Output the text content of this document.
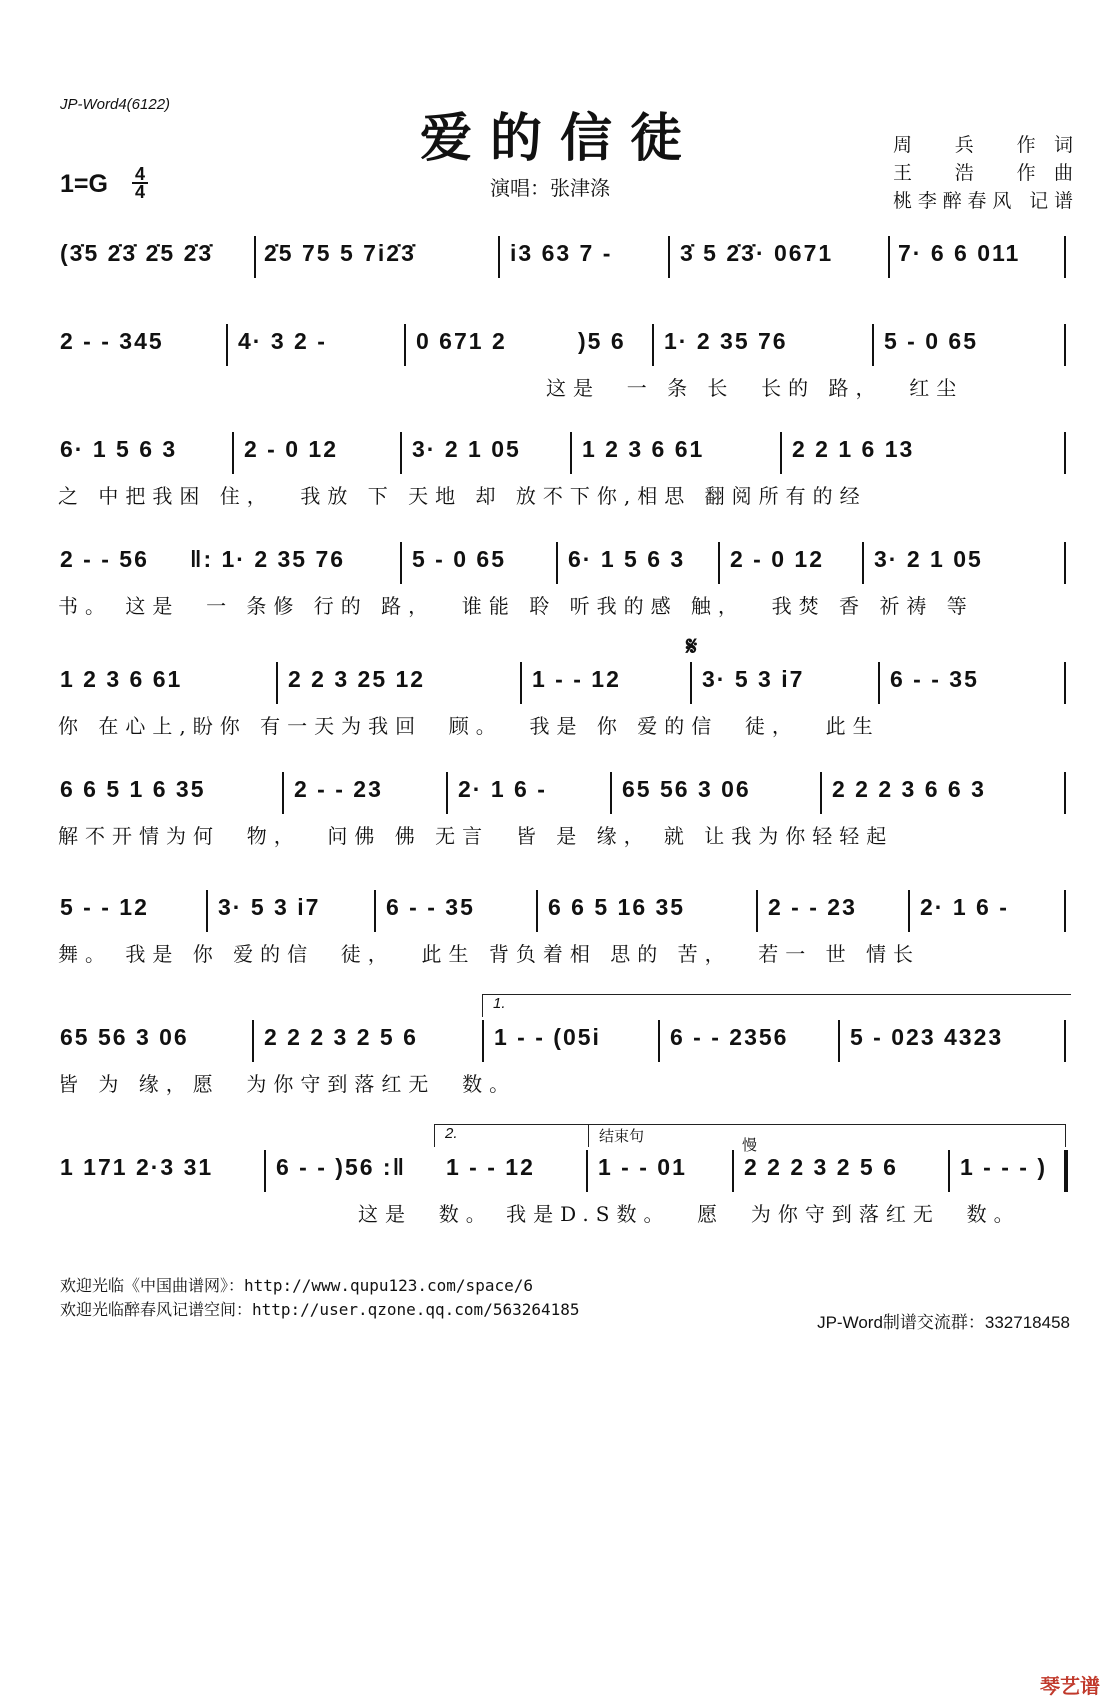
JP-Word4(6122)
爱的信徒	周 兵 作词
王 浩 作曲
桃李醉春风 记谱
1=G 4
4	演唱：张津涤

(3̇5 2̇3̇ 2̇5 2̇3̇

2̇5 75 5 7i2̇3̇

	i3 63 7 -

	3̇ 5 2̇3̇· 0671

	7· 6 6 011

2 - - 345

	4· 3 2 -

	0 671 2

	)5 6

1· 2 35 76

	5 - 0 65

这是  一 条 长  长的 路，  红尘

6· 1 5 6 3

	2 - 0 12

	3· 2 1 05

	1 2 3 6 61

	2 2 1 6 13

之 中把我困 住，  我放 下 天地 却 放不下你,相思 翻阅所有的经

2 - - 56

‖: 1· 2 35 76

	5 - 0 65

	6· 1 5 6 3

2 - 0 12

3· 2 1 05

书。 这是  一 条修 行的 路，  谁能 聆 听我的感 触，  我焚 香 祈祷 等
𝄋

1 2 3 6 61

	2 2 3 25 12

	1 - - 12

	3· 5 3 i7

	6 - - 35

你 在心上,盼你 有一天为我回  顾。  我是 你 爱的信  徒，  此生

6 6 5 1 6 35

	2 - - 23

	2· 1 6 -

	65 56 3 06

	2 2 2 3 6 6 3

解不开情为何  物，  问佛 佛 无言  皆 是 缘， 就 让我为你轻轻起

5 - - 12

	3· 5 3 i7

	6 - - 35

	6 6 5 16 35

	2 - - 23

	2· 1 6 -

舞。 我是 你 爱的信  徒，  此生 背负着相 思的 苦，  若一 世 情长
1.

65 56 3 06

	2 2 2 3 2 5 6

	1 - - (05i

	6 - - 2356

	5 - 023 4323

皆 为 缘，愿  为你守到落红无  数。
2.	结束句	慢

1 171 2·3 31

	6 - - )56 :‖

1 - - 12

	1 - - 01

2 2 2 3 2 5 6

	1 - - - )

这是  数。 我是D.S数。  愿  为你守到落红无  数。
欢迎光临《中国曲谱网》：http://www.qupu123.com/space/6
欢迎光临醉春风记谱空间：http://user.qzone.qq.com/563264185
JP-Word制谱交流群：332718458
琴艺谱
